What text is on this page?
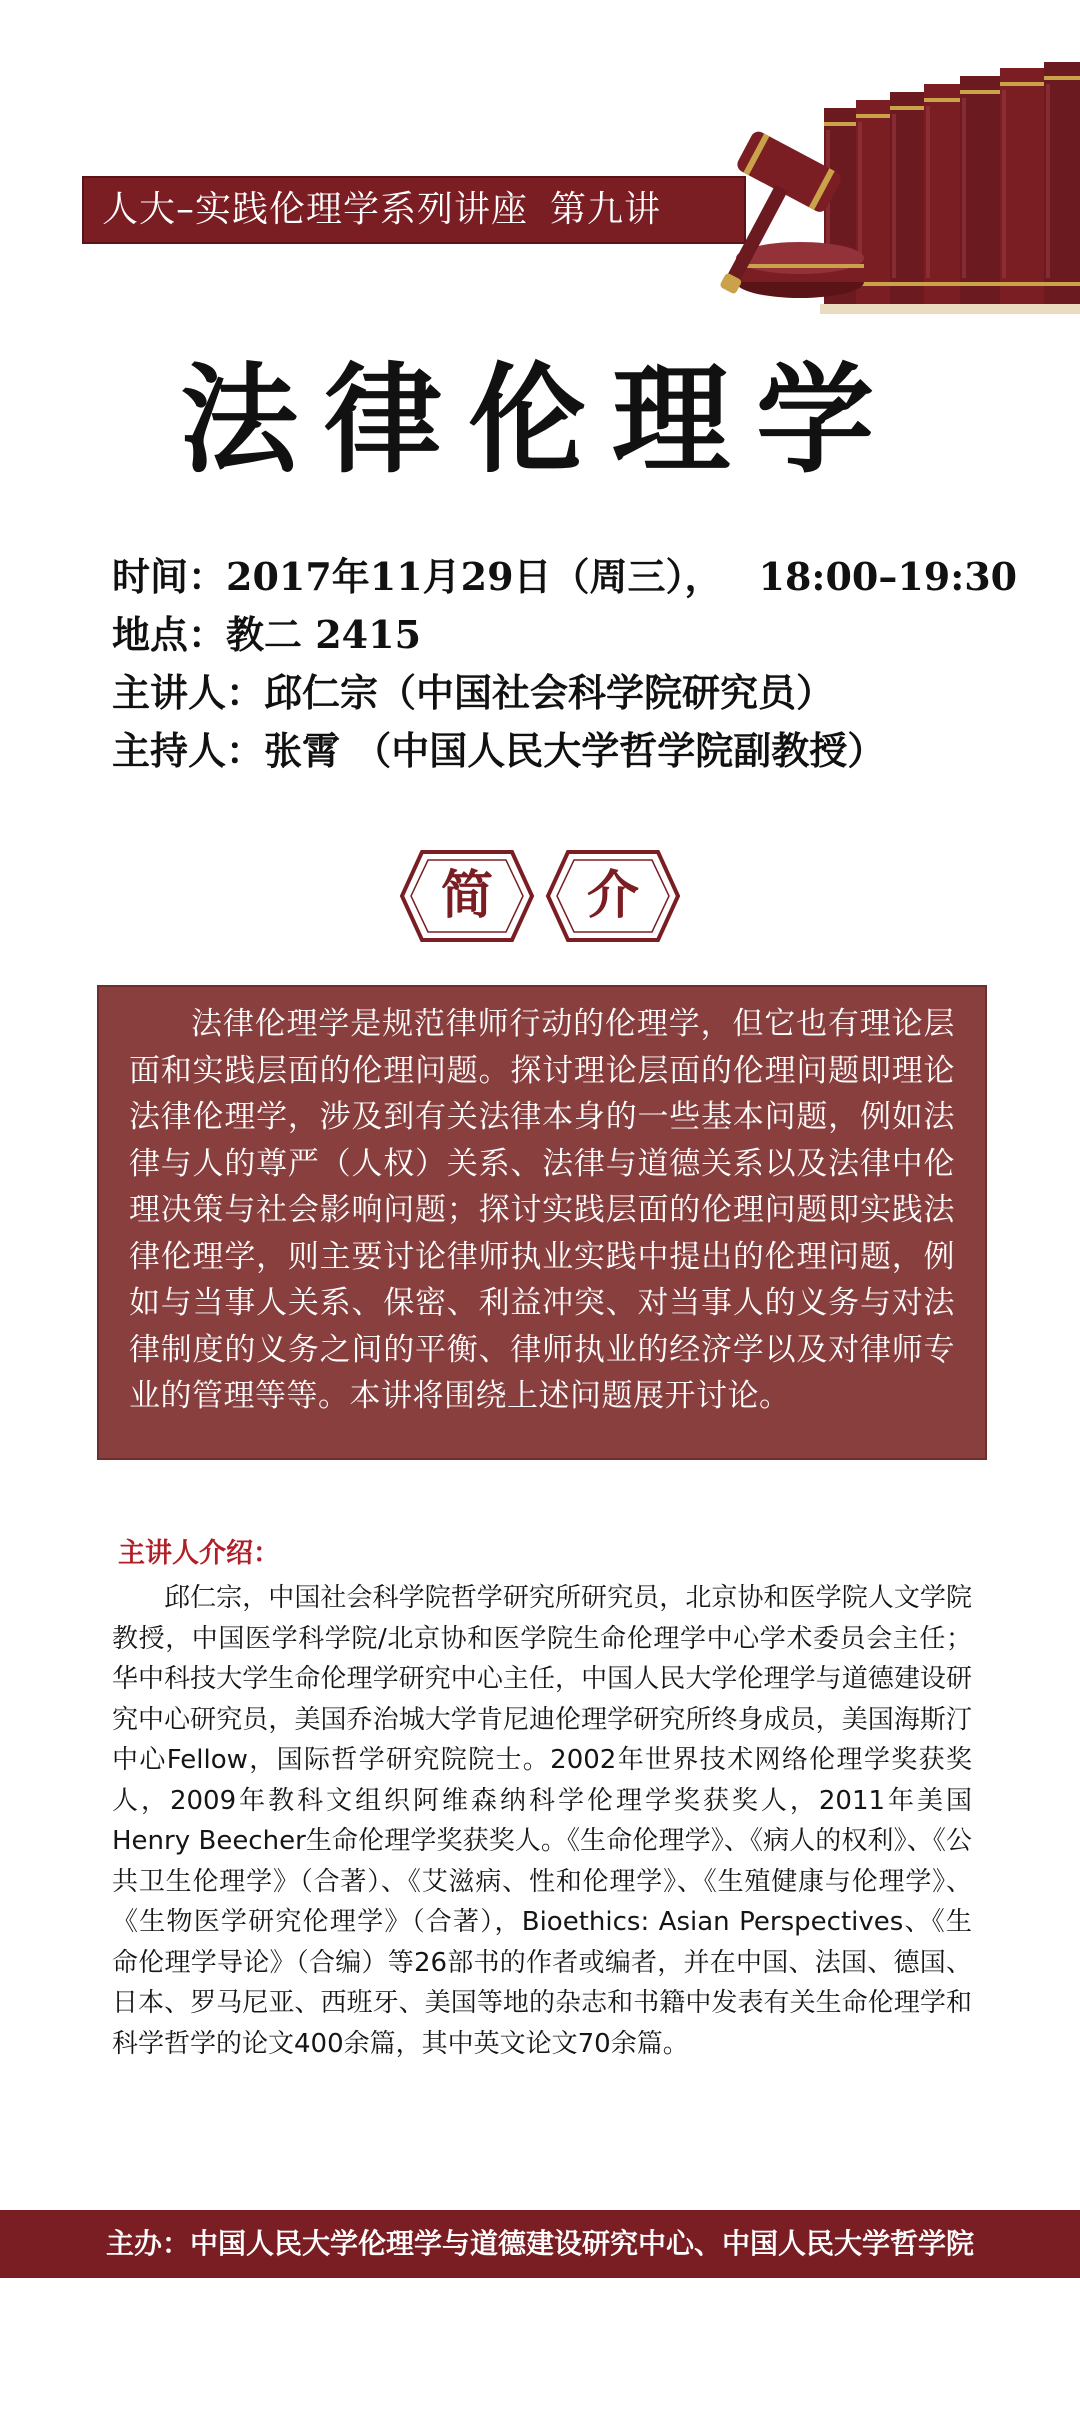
人大–实践伦理学系列讲座 第九讲
法律伦理学
时间：2017年11月29日（周三）， 18:00–19:30
地点：教二 2415
主讲人：邱仁宗（中国社会科学院研究员）
主持人：张霄 （中国人民大学哲学院副教授）
简	介
法律伦理学是规范律师行动的伦理学，但它也有理论层面和实践层面的伦理问题。探讨理论层面的伦理问题即理论法律伦理学，涉及到有关法律本身的一些基本问题，例如法律与人的尊严（人权）关系、法律与道德关系以及法律中伦理决策与社会影响问题；探讨实践层面的伦理问题即实践法律伦理学，则主要讨论律师执业实践中提出的伦理问题，例如与当事人关系、保密、利益冲突、对当事人的义务与对法律制度的义务之间的平衡、律师执业的经济学以及对律师专业的管理等等。本讲将围绕上述问题展开讨论。
主讲人介绍：
邱仁宗，中国社会科学院哲学研究所研究员，北京协和医学院人文学院教授，中国医学科学院/北京协和医学院生命伦理学中心学术委员会主任；华中科技大学生命伦理学研究中心主任，中国人民大学伦理学与道德建设研究中心研究员，美国乔治城大学肯尼迪伦理学研究所终身成员，美国海斯汀中心Fellow，国际哲学研究院院士。2002年世界技术网络伦理学奖获奖人，2009年教科文组织阿维森纳科学伦理学奖获奖人，2011年美国Henry Beecher生命伦理学奖获奖人。《生命伦理学》、《病人的权利》、《公共卫生伦理学》（合著）、《艾滋病、性和伦理学》、《生殖健康与伦理学》、《生物医学研究伦理学》（合著），Bioethics: Asian Perspectives、《生命伦理学导论》（合编）等26部书的作者或编者，并在中国、法国、德国、日本、罗马尼亚、西班牙、美国等地的杂志和书籍中发表有关生命伦理学和科学哲学的论文400余篇，其中英文论文70余篇。
主办：中国人民大学伦理学与道德建设研究中心、中国人民大学哲学院
